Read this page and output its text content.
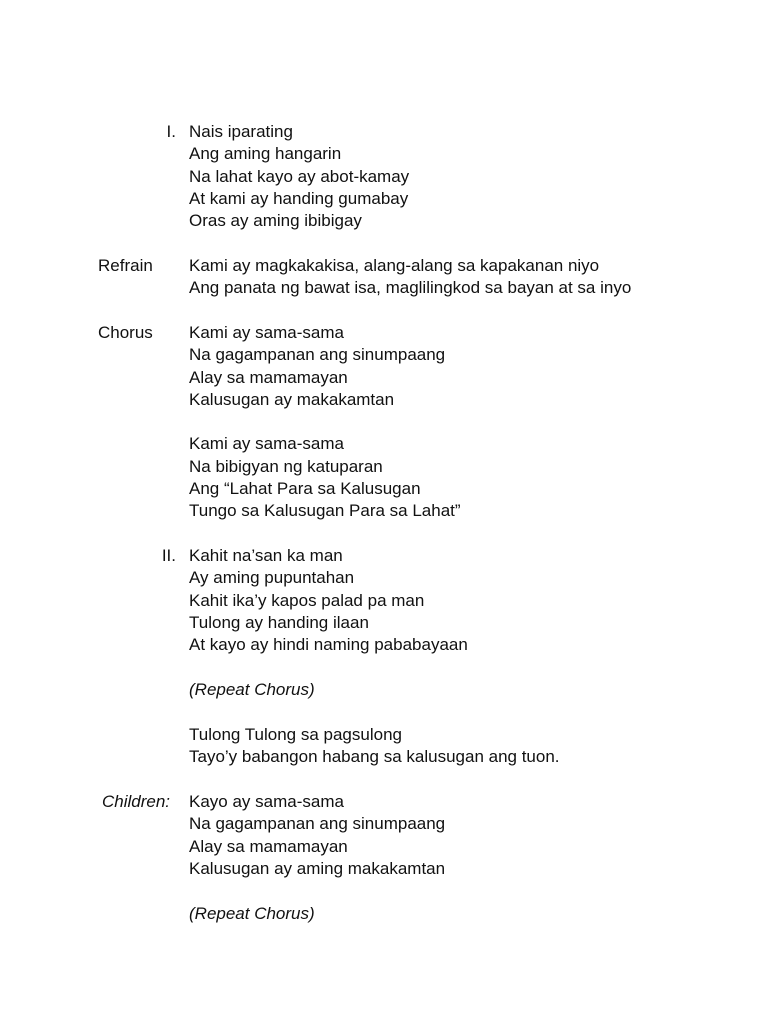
I. Nais iparating
Ang aming hangarin
Na lahat kayo ay abot-kamay
At kami ay handing gumabay
Oras ay aming ibibigay
Refrain Kami ay magkakakisa, alang-alang sa kapakanan niyo
Ang panata ng bawat isa, maglilingkod sa bayan at sa inyo
Chorus Kami ay sama-sama
Na gagampanan ang sinumpaang
Alay sa mamamayan
Kalusugan ay makakamtan
Kami ay sama-sama
Na bibigyan ng katuparan
Ang “Lahat Para sa Kalusugan
Tungo sa Kalusugan Para sa Lahat”
II. Kahit na’san ka man
Ay aming pupuntahan
Kahit ika’y kapos palad pa man
Tulong ay handing ilaan
At kayo ay hindi naming pababayaan
(Repeat Chorus)
Tulong Tulong sa pagsulong
Tayo’y babangon habang sa kalusugan ang tuon.
Children: Kayo ay sama-sama
Na gagampanan ang sinumpaang
Alay sa mamamayan
Kalusugan ay aming makakamtan
(Repeat Chorus)
